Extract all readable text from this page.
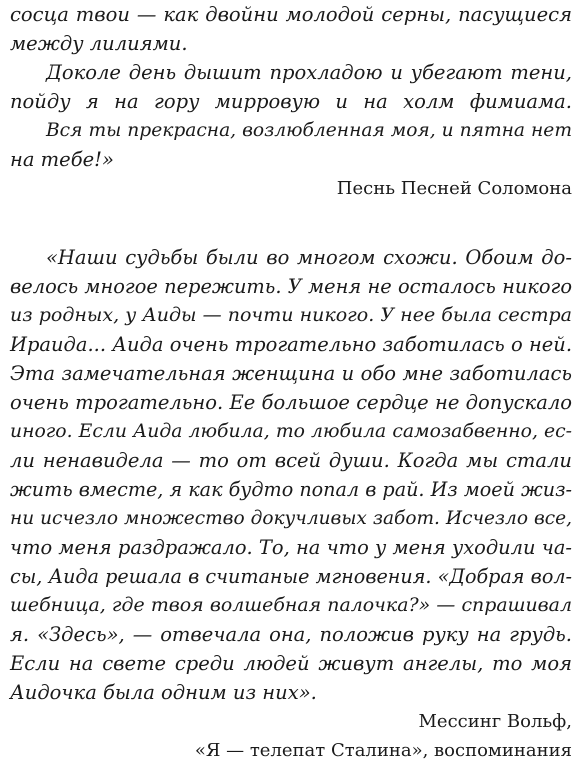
сосца твои — как двойни молодой серны, пасущиеся
между лилиями.
Доколе день дышит прохладою и убегают тени,
пойду я на гору мирровую и на холм фимиама.
Вся ты прекрасна, возлюбленная моя, и пятна нет
на тебе!»
Песнь Песней Соломона
«Наши судьбы были во многом схожи. Обоим до-
велось многое пережить. У меня не осталось никого
из родных, у Аиды — почти никого. У нее была сестра
Ираида... Аида очень трогательно заботилась о ней.
Эта замечательная женщина и обо мне заботилась
очень трогательно. Ее большое сердце не допускало
иного. Если Аида любила, то любила самозабвенно, ес-
ли ненавидела — то от всей души. Когда мы стали
жить вместе, я как будто попал в рай. Из моей жиз-
ни исчезло множество докучливых забот. Исчезло все,
что меня раздражало. То, на что у меня уходили ча-
сы, Аида решала в считаные мгновения. «Добрая вол-
шебница, где твоя волшебная палочка?» — спрашивал
я. «Здесь», — отвечала она, положив руку на грудь.
Если на свете среди людей живут ангелы, то моя
Аидочка была одним из них».
Мессинг Вольф,
«Я — телепат Сталина», воспоминания
